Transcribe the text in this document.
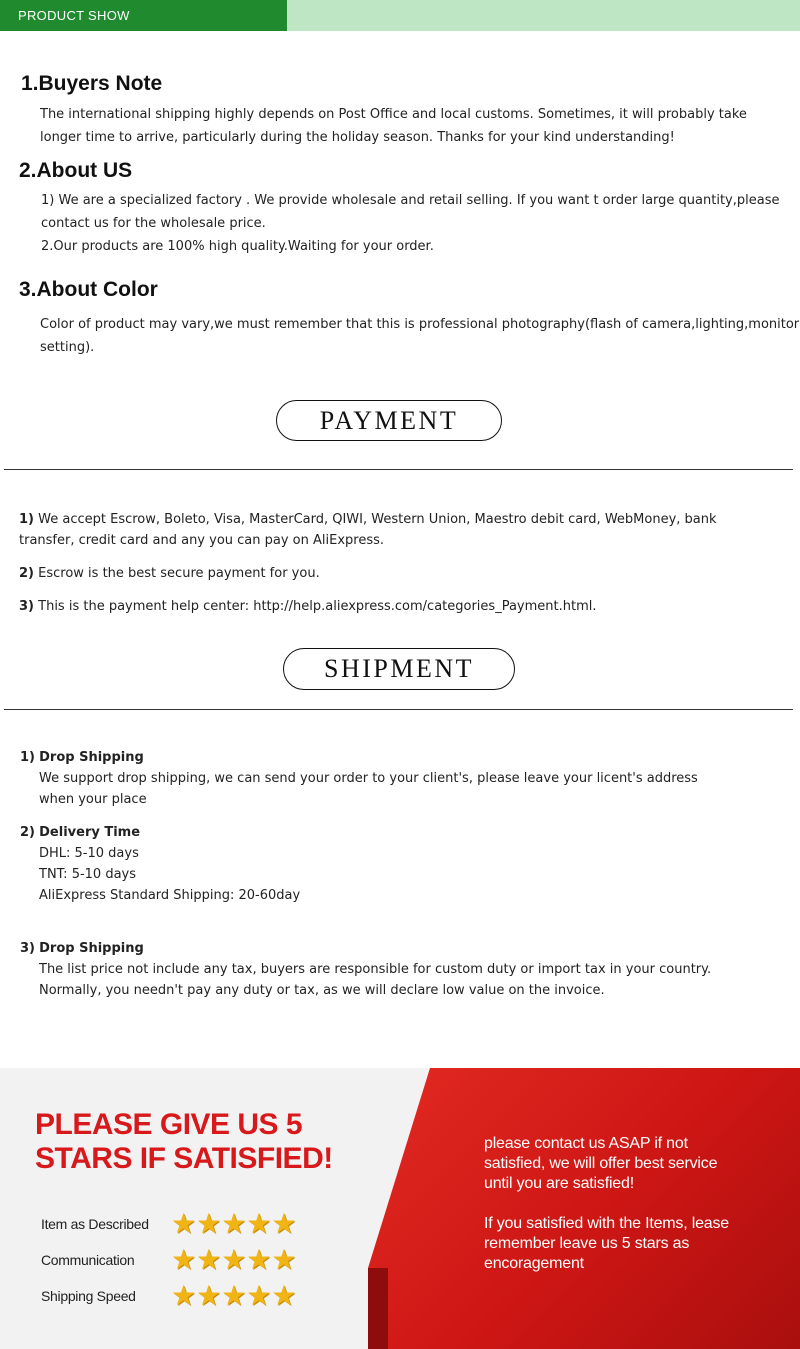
PRODUCT SHOW
1.Buyers Note

The international shipping highly depends on Post Office and local customs. Sometimes, it will probably take

longer time to arrive, particularly during the holiday season. Thanks for your kind understanding!

2.About US

1) We are a specialized factory . We provide wholesale and retail selling. If you want t order large quantity,please

contact us for the wholesale price.

2.Our products are 100% high quality.Waiting for your order.

3.About Color

Color of product may vary,we must remember that this is professional photography(flash of camera,lighting,monitor

setting).

PAYMENT

1) We accept Escrow, Boleto, Visa, MasterCard, QIWI, Western Union, Maestro debit card, WebMoney, bank

transfer, credit card and any you can pay on AliExpress.

2) Escrow is the best secure payment for you.

3) This is the payment help center: http://help.aliexpress.com/categories_Payment.html.

SHIPMENT

1) Drop Shipping

We support drop shipping, we can send your order to your client's, please leave your licent's address

when your place

2) Delivery Time

DHL: 5-10 days

TNT: 5-10 days

AliExpress Standard Shipping: 20-60day

3) Drop Shipping

The list price not include any tax, buyers are responsible for custom duty or import tax in your country.

Normally, you needn't pay any duty or tax, as we will declare low value on the invoice.

PLEASE GIVE US 5
STARS IF SATISFIED!
Item as Described ★★★★★
Communication	★★★★★
Shipping Speed	★★★★★
please contact us ASAP if not
satisfied, we will offer best service
until you are satisfied!
If you satisfied with the Items, lease
remember leave us 5 stars as
encoragement
